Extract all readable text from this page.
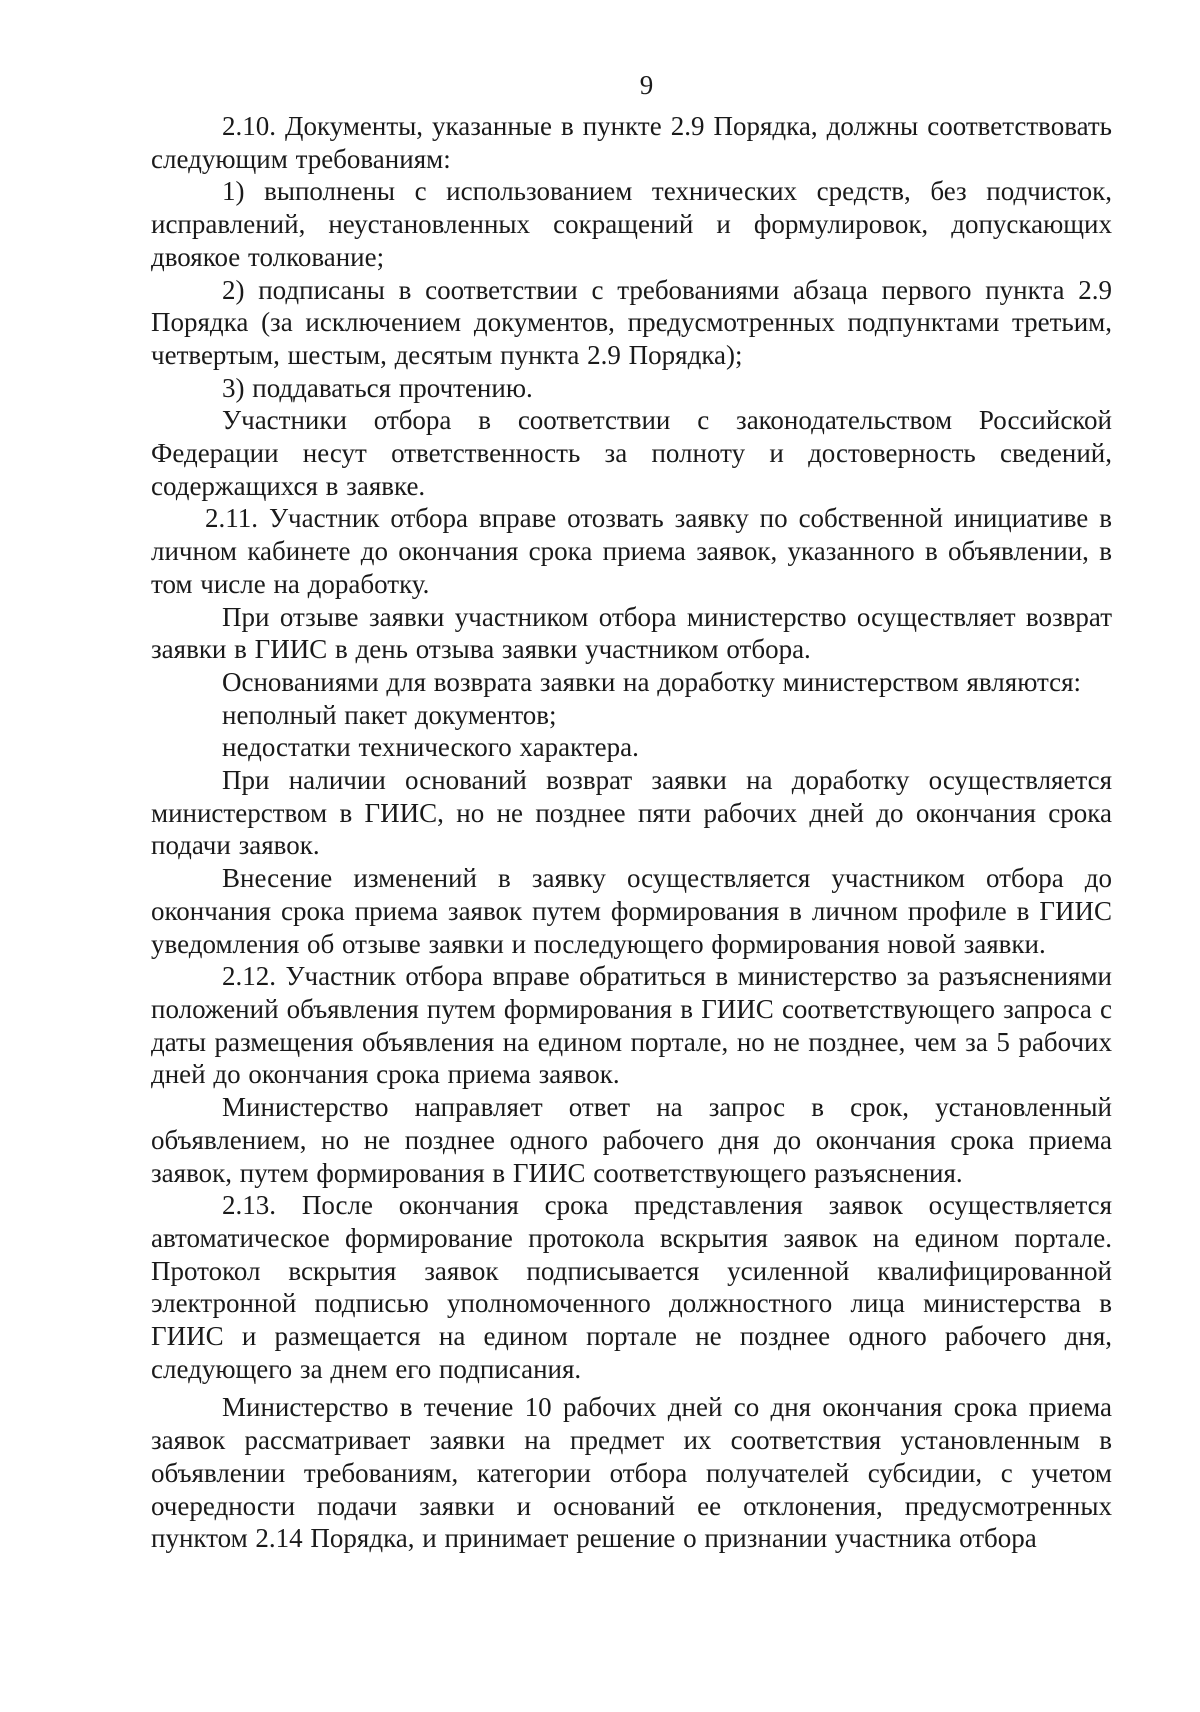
9

2.10. Документы, указанные в пункте 2.9 Порядка, должны соответствовать следующим требованиям:

1) выполнены с использованием технических средств, без подчисток, исправлений, неустановленных сокращений и формулировок, допускающих двоякое толкование;

2) подписаны в соответствии с требованиями абзаца первого пункта 2.9 Порядка (за исключением документов, предусмотренных подпунктами третьим, четвертым, шестым, десятым пункта 2.9 Порядка);

3) поддаваться прочтению.

Участники отбора в соответствии с законодательством Российской Федерации несут ответственность за полноту и достоверность сведений, содержащихся в заявке.

2.11. Участник отбора вправе отозвать заявку по собственной инициативе в личном кабинете до окончания срока приема заявок, указанного в объявлении, в том числе на доработку.

При отзыве заявки участником отбора министерство осуществляет возврат заявки в ГИИС в день отзыва заявки участником отбора.

Основаниями для возврата заявки на доработку министерством являются:

неполный пакет документов;

недостатки технического характера.

При наличии оснований возврат заявки на доработку осуществляется министерством в ГИИС, но не позднее пяти рабочих дней до окончания срока подачи заявок.

Внесение изменений в заявку осуществляется участником отбора до окончания срока приема заявок путем формирования в личном профиле в ГИИС уведомления об отзыве заявки и последующего формирования новой заявки.

2.12. Участник отбора вправе обратиться в министерство за разъяснениями положений объявления путем формирования в ГИИС соответствующего запроса с даты размещения объявления на едином портале, но не позднее, чем за 5 рабочих дней до окончания срока приема заявок.

Министерство направляет ответ на запрос в срок, установленный объявлением, но не позднее одного рабочего дня до окончания срока приема заявок, путем формирования в ГИИС соответствующего разъяснения.

2.13. После окончания срока представления заявок осуществляется автоматическое формирование протокола вскрытия заявок на едином портале. Протокол вскрытия заявок подписывается усиленной квалифицированной электронной подписью уполномоченного должностного лица министерства в ГИИС и размещается на едином портале не позднее одного рабочего дня, следующего за днем его подписания.

Министерство в течение 10 рабочих дней со дня окончания срока приема заявок рассматривает заявки на предмет их соответствия установленным в объявлении требованиям, категории отбора получателей субсидии, с учетом очередности подачи заявки и оснований ее отклонения, предусмотренных пунктом 2.14 Порядка, и принимает решение о признании участника отбора
